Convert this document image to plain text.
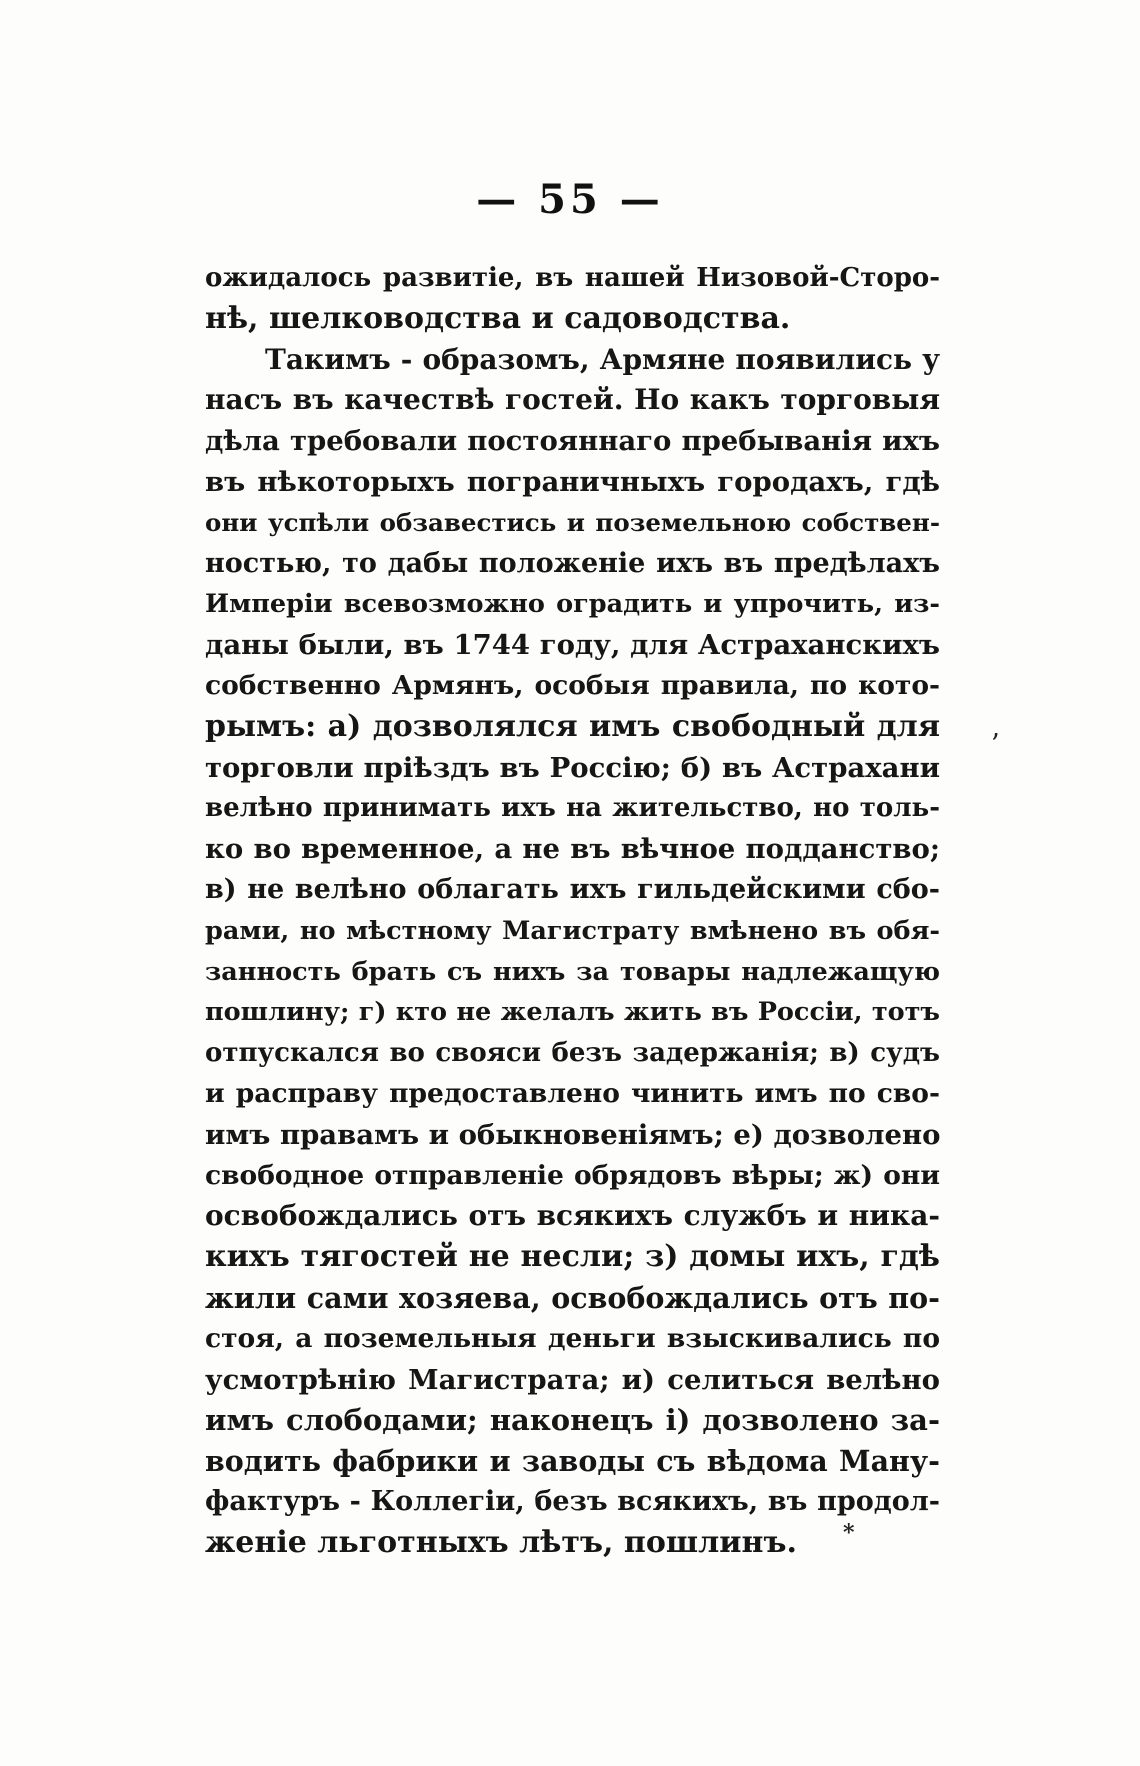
— 55 —
ожидалось развитіе, въ нашей Низовой-Сторо-
нѣ, шелководства и садоводства.
Такимъ - образомъ, Армяне появились у
насъ въ качествѣ гостей. Но какъ торговыя
дѣла требовали постояннаго пребыванія ихъ
въ нѣкоторыхъ пограничныхъ городахъ, гдѣ
они успѣли обзавестись и поземельною собствен-
ностью, то дабы положеніе ихъ въ предѣлахъ
Имперіи всевозможно оградить и упрочить, из-
даны были, въ 1744 году, для Астраханскихъ
собственно Армянъ, особыя правила, по кото-
рымъ: а) дозволялся имъ свободный для
торговли пріѣздъ въ Россію; б) въ Астрахани
велѣно принимать ихъ на жительство, но толь-
ко во временное, а не въ вѣчное подданство;
в) не велѣно облагать ихъ гильдейскими сбо-
рами, но мѣстному Магистрату вмѣнено въ обя-
занность брать съ нихъ за товары надлежащую
пошлину; г) кто не желалъ жить въ Россіи, тотъ
отпускался во свояси безъ задержанія; в) судъ
и расправу предоставлено чинить имъ по сво-
имъ правамъ и обыкновеніямъ; е) дозволено
свободное отправленіе обрядовъ вѣры; ж) они
освобождались отъ всякихъ службъ и никa-
кихъ тягостей не несли; з) домы ихъ, гдѣ
жили сами хозяева, освобождались отъ по-
стоя, а поземельныя деньги взыскивались по
усмотрѣнію Магистрата; и) селиться велѣно
имъ слободами; наконецъ і) дозволено за-
водить фабрики и заводы съ вѣдома Ману-
фактуръ - Коллегіи, безъ всякихъ, въ продол-
женіе льготныхъ лѣтъ, пошлинъ.
ʼ
*
